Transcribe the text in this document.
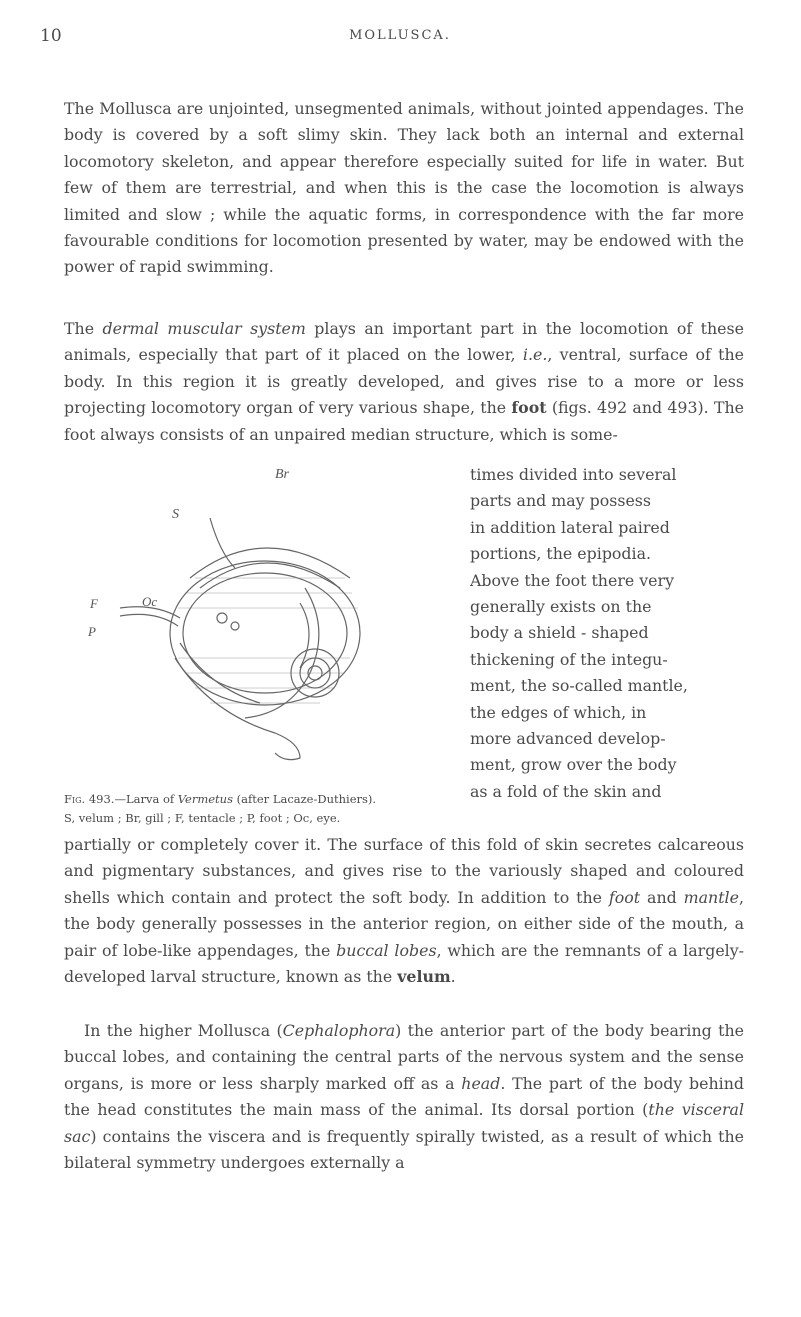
10	MOLLUSCA.

The Mollusca are unjointed, unsegmented animals, without jointed appendages. The body is covered by a soft slimy skin. They lack both an internal and external locomotory skeleton, and appear therefore especially suited for life in water. But few of them are terrestrial, and when this is the case the locomotion is always limited and slow ; while the aquatic forms, in correspondence with the far more favourable conditions for locomotion presented by water, may be endowed with the power of rapid swimming.

The dermal muscular system plays an important part in the locomotion of these animals, especially that part of it placed on the lower, i.e., ventral, surface of the body. In this region it is greatly developed, and gives rise to a more or less projecting locomotory organ of very various shape, the foot (figs. 492 and 493). The foot always consists of an unpaired median structure, which is some-

Br
S
F	Oc
P
times divided into several
parts and may possess
in addition lateral paired
portions, the epipodia.
Above the foot there very
generally exists on the
body a shield - shaped
thickening of the integu-
ment, the so-called mantle,
the edges of which, in
more advanced develop-
ment, grow over the body
as a fold of the skin and
Fig. 493.—Larva of Vermetus (after Lacaze-Duthiers).
S, velum ; Br, gill ; F, tentacle ; P, foot ; Oc, eye.

partially or completely cover it. The surface of this fold of skin secretes calcareous and pigmentary substances, and gives rise to the variously shaped and coloured shells which contain and protect the soft body. In addition to the foot and mantle, the body generally possesses in the anterior region, on either side of the mouth, a pair of lobe-like appendages, the buccal lobes, which are the remnants of a largely-developed larval structure, known as the velum.

In the higher Mollusca (Cephalophora) the anterior part of the body bearing the buccal lobes, and containing the central parts of the nervous system and the sense organs, is more or less sharply marked off as a head. The part of the body behind the head constitutes the main mass of the animal. Its dorsal portion (the visceral sac) contains the viscera and is frequently spirally twisted, as a result of which the bilateral symmetry undergoes externally a
